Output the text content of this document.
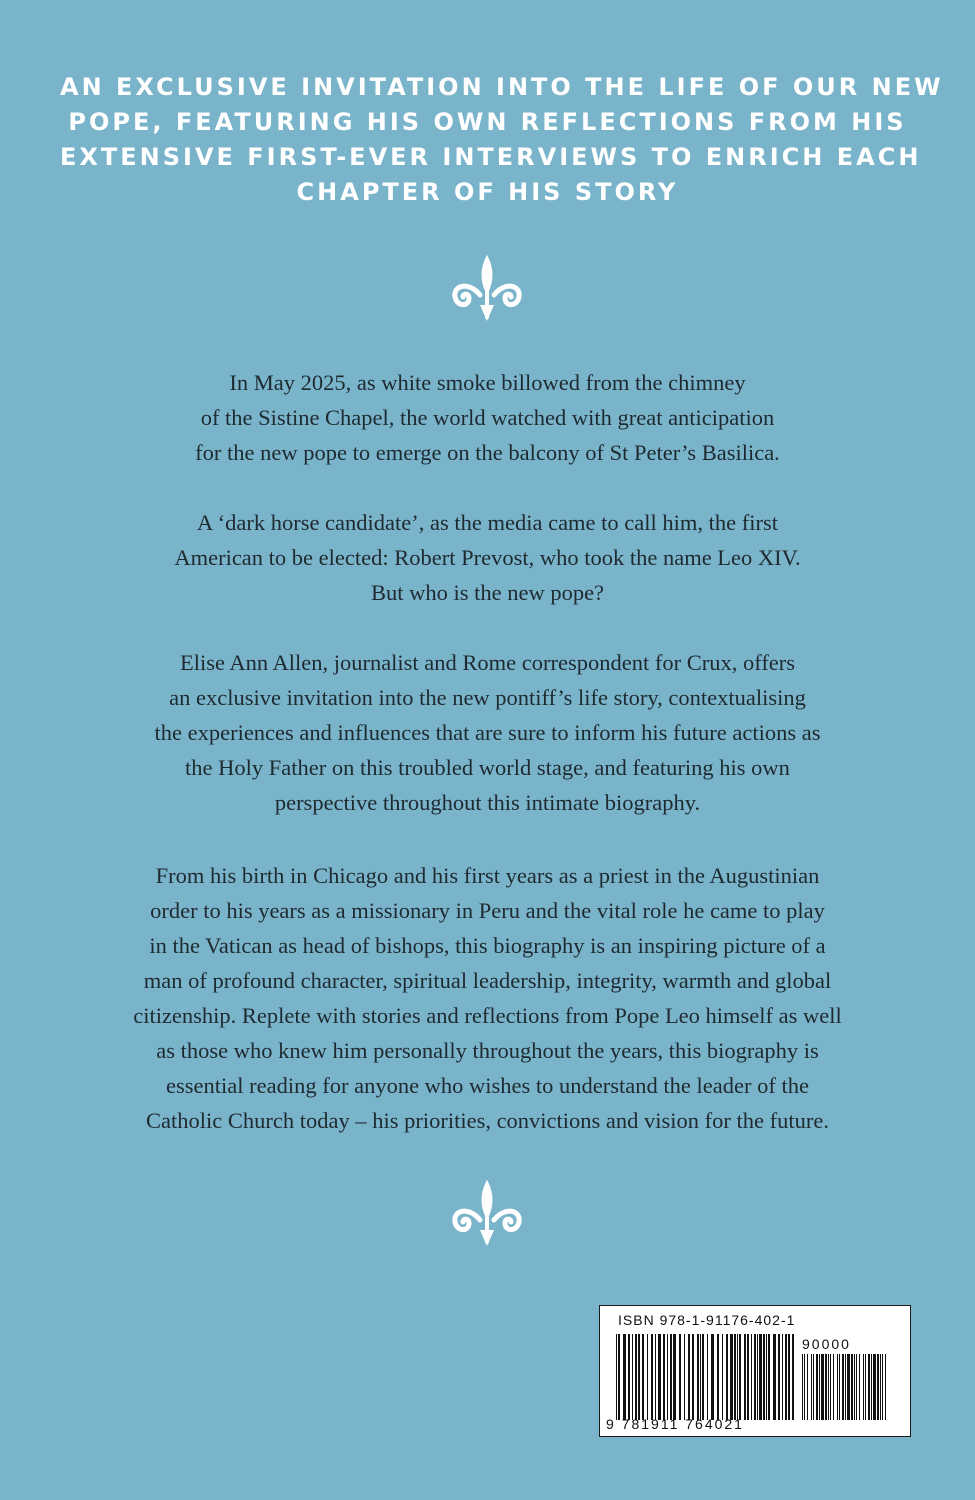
AN EXCLUSIVE INVITATION INTO THE LIFE OF OUR NEW
POPE, FEATURING HIS OWN REFLECTIONS FROM HIS
EXTENSIVE FIRST-EVER INTERVIEWS TO ENRICH EACH
CHAPTER OF HIS STORY
In May 2025, as white smoke billowed from the chimney
of the Sistine Chapel, the world watched with great anticipation
for the new pope to emerge on the balcony of St Peter’s Basilica.
A ‘dark horse candidate’, as the media came to call him, the first
American to be elected: Robert Prevost, who took the name Leo XIV.
But who is the new pope?
Elise Ann Allen, journalist and Rome correspondent for Crux, offers
an exclusive invitation into the new pontiff’s life story, contextualising
the experiences and influences that are sure to inform his future actions as
the Holy Father on this troubled world stage, and featuring his own
perspective throughout this intimate biography.
From his birth in Chicago and his first years as a priest in the Augustinian
order to his years as a missionary in Peru and the vital role he came to play
in the Vatican as head of bishops, this biography is an inspiring picture of a
man of profound character, spiritual leadership, integrity, warmth and global
citizenship. Replete with stories and reflections from Pope Leo himself as well
as those who knew him personally throughout the years, this biography is
essential reading for anyone who wishes to understand the leader of the
Catholic Church today – his priorities, convictions and vision for the future.
ISBN 978-1-91176-402-1
90000
9 781911 764021
